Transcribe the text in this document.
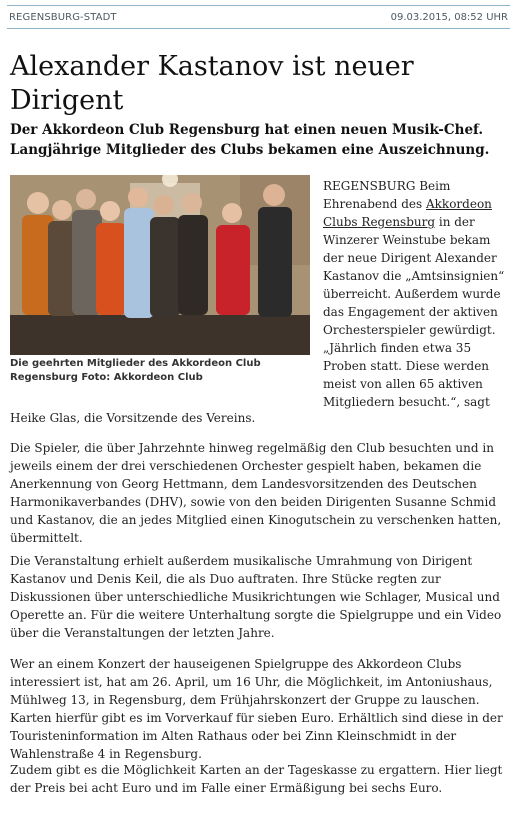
REGENSBURG-STADT	09.03.2015, 08:52 UHR
Alexander Kastanov ist neuer Dirigent

Der Akkordeon Club Regensburg hat einen neuen Musik-Chef. Langjährige Mitglieder des Clubs bekamen eine Auszeichnung.

Die geehrten Mitglieder des Akkordeon Club Regensburg Foto: Akkordeon Club

REGENSBURG Beim Ehrenabend des Akkordeon Clubs Regensburg in der Winzerer Weinstube bekam der neue Dirigent Alexander Kastanov die „Amtsinsignien“ überreicht. Außerdem wurde das Engagement der aktiven Orchesterspieler gewürdigt. „Jährlich finden etwa 35 Proben statt. Diese werden meist von allen 65 aktiven Mitgliedern besucht.“, sagt

Heike Glas, die Vorsitzende des Vereins.

Die Spieler, die über Jahrzehnte hinweg regelmäßig den Club besuchten und in jeweils einem der drei verschiedenen Orchester gespielt haben, bekamen die Anerkennung von Georg Hettmann, dem Landesvorsitzenden des Deutschen Harmonikaverbandes (DHV), sowie von den beiden Dirigenten Susanne Schmid und Kastanov, die an jedes Mitglied einen Kinogutschein zu verschenken hatten, übermittelt.

Die Veranstaltung erhielt außerdem musikalische Umrahmung von Dirigent Kastanov und Denis Keil, die als Duo auftraten. Ihre Stücke regten zur Diskussionen über unterschiedliche Musikrichtungen wie Schlager, Musical und Operette an. Für die weitere Unterhaltung sorgte die Spielgruppe und ein Video über die Veranstaltungen der letzten Jahre.

Wer an einem Konzert der hauseigenen Spielgruppe des Akkordeon Clubs interessiert ist, hat am 26. April, um 16 Uhr, die Möglichkeit, im Antoniushaus, Mühlweg 13, in Regensburg, dem Frühjahrskonzert der Gruppe zu lauschen. Karten hierfür gibt es im Vorverkauf für sieben Euro. Erhältlich sind diese in der Touristeninformation im Alten Rathaus oder bei Zinn Kleinschmidt in der Wahlenstraße 4 in Regensburg.

Zudem gibt es die Möglichkeit Karten an der Tageskasse zu ergattern. Hier liegt der Preis bei acht Euro und im Falle einer Ermäßigung bei sechs Euro.
